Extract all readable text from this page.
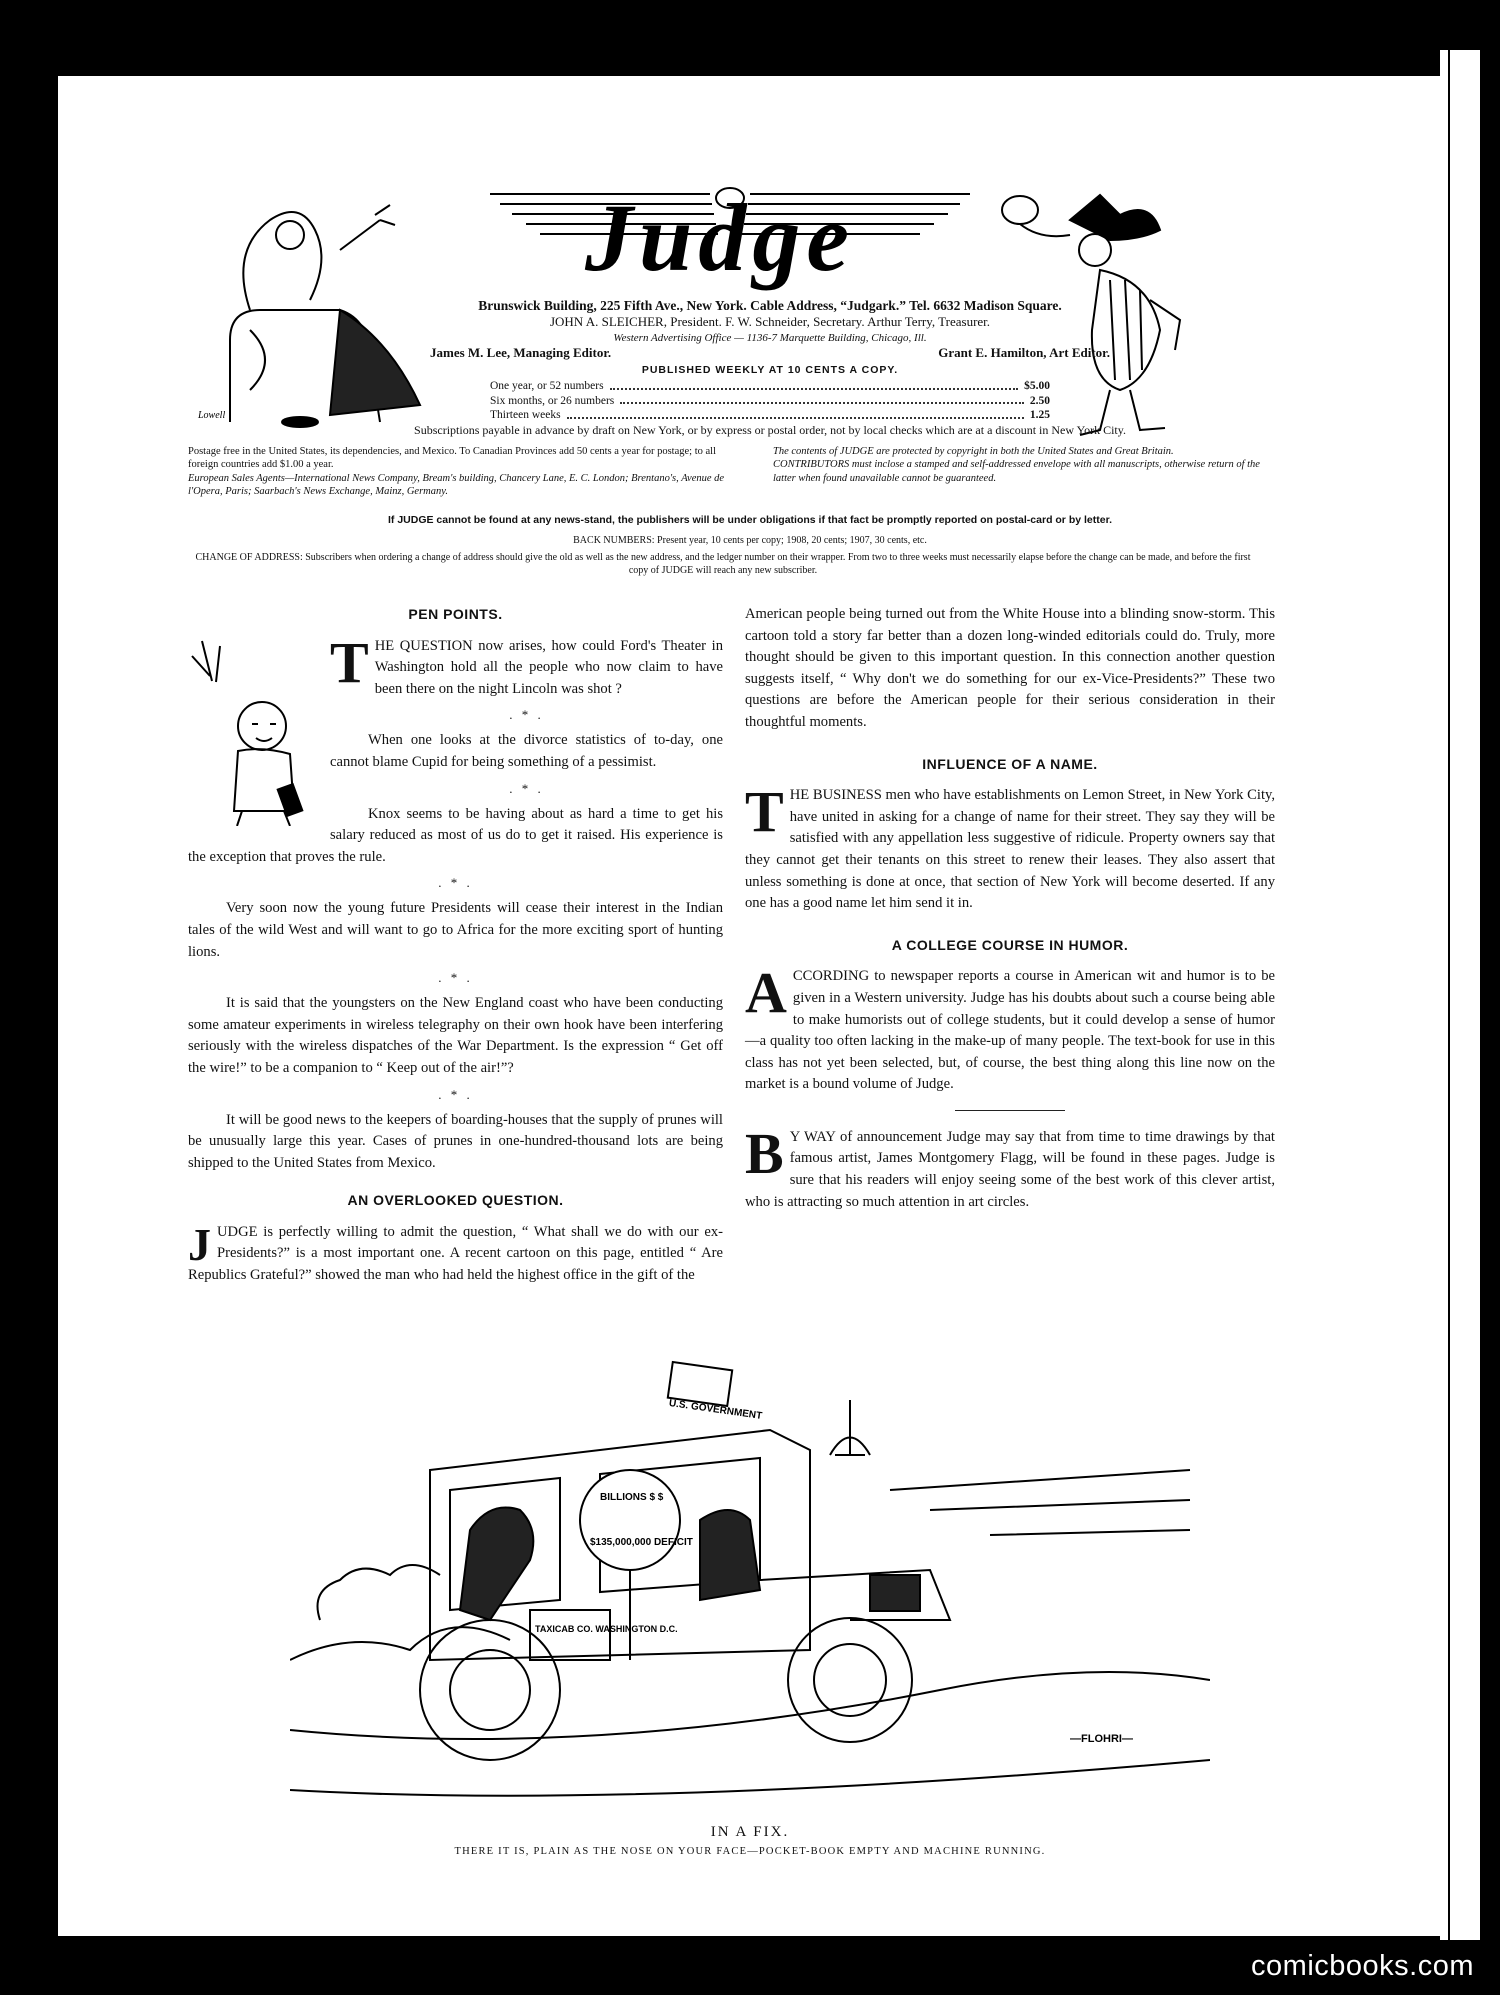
Judge
Lowell
Brunswick Building, 225 Fifth Ave., New York. Cable Address, “Judgark.” Tel. 6632 Madison Square.
JOHN A. SLEICHER, President. F. W. Schneider, Secretary. Arthur Terry, Treasurer.
Western Advertising Office — 1136-7 Marquette Building, Chicago, Ill.
James M. Lee, Managing Editor.	Grant E. Hamilton, Art Editor.
PUBLISHED WEEKLY AT 10 CENTS A COPY.
One year, or 52 numbers	$5.00
Six months, or 26 numbers	2.50
Thirteen weeks	1.25
Subscriptions payable in advance by draft on New York, or by express or postal order, not by local checks which are at a discount in New York City.
Postage free in the United States, its dependencies, and Mexico. To Canadian Provinces add 50 cents a year for postage; to all foreign countries add $1.00 a year.
European Sales Agents—International News Company, Bream's building, Chancery Lane, E. C. London; Brentano's, Avenue de l'Opera, Paris; Saarbach's News Exchange, Mainz, Germany.
The contents of JUDGE are protected by copyright in both the United States and Great Britain.
CONTRIBUTORS must inclose a stamped and self-addressed envelope with all manuscripts, otherwise return of the latter when found unavailable cannot be guaranteed.
If JUDGE cannot be found at any news-stand, the publishers will be under obligations if that fact be promptly reported on postal-card or by letter.
BACK NUMBERS: Present year, 10 cents per copy; 1908, 20 cents; 1907, 30 cents, etc.
CHANGE OF ADDRESS: Subscribers when ordering a change of address should give the old as well as the new address, and the ledger number on their wrapper. From two to three weeks must necessarily elapse before the change can be made, and before the first copy of JUDGE will reach any new subscriber.
PEN POINTS.

THE QUESTION now arises, how could Ford's Theater in Washington hold all the people who now claim to have been there on the night Lincoln was shot ?

. * .

When one looks at the divorce statistics of to-day, one cannot blame Cupid for being something of a pessimist.

. * .

Knox seems to be having about as hard a time to get his salary reduced as most of us do to get it raised. His experience is the exception that proves the rule.

. * .

Very soon now the young future Presidents will cease their interest in the Indian tales of the wild West and will want to go to Africa for the more exciting sport of hunting lions.

. * .

It is said that the youngsters on the New England coast who have been conducting some amateur experiments in wireless telegraphy on their own hook have been interfering seriously with the wireless dispatches of the War Department. Is the expression “ Get off the wire!” to be a companion to “ Keep out of the air!”?

. * .

It will be good news to the keepers of boarding-houses that the supply of prunes will be unusually large this year. Cases of prunes in one-hundred-thousand lots are being shipped to the United States from Mexico.

AN OVERLOOKED QUESTION.

JUDGE is perfectly willing to admit the question, “ What shall we do with our ex-Presidents?” is a most important one. A recent cartoon on this page, entitled “ Are Republics Grateful?” showed the man who had held the highest office in the gift of the

American people being turned out from the White House into a blinding snow-storm. This cartoon told a story far better than a dozen long-winded editorials could do. Truly, more thought should be given to this important question. In this connection another question suggests itself, “ Why don't we do something for our ex-Vice-Presidents?” These two questions are before the American people for their serious consideration in their thoughtful moments.

INFLUENCE OF A NAME.

THE BUSINESS men who have establishments on Lemon Street, in New York City, have united in asking for a change of name for their street. They say they will be satisfied with any appellation less suggestive of ridicule. Property owners say that they cannot get their tenants on this street to renew their leases. They also assert that unless something is done at once, that section of New York will become deserted. If any one has a good name let him send it in.

A COLLEGE COURSE IN HUMOR.

ACCORDING to newspaper reports a course in American wit and humor is to be given in a Western university. Judge has his doubts about such a course being able to make humorists out of college students, but it could develop a sense of humor—a quality too often lacking in the make-up of many people. The text-book for use in this class has not yet been selected, but, of course, the best thing along this line now on the market is a bound volume of Judge.

B Y WAY of announcement Judge may say that from time to time drawings by that famous artist, James Montgomery Flagg, will be found in these pages. Judge is sure that his readers will enjoy seeing some of the best work of this clever artist, who is attracting so much attention in art circles.

U.S. GOVERNMENT
BILLIONS $ $
$135,000,000 DEFICIT
TAXICAB CO. WASHINGTON D.C.
—FLOHRI—
IN A FIX.
THERE IT IS, PLAIN AS THE NOSE ON YOUR FACE—POCKET-BOOK EMPTY AND MACHINE RUNNING.
comicbooks.com
